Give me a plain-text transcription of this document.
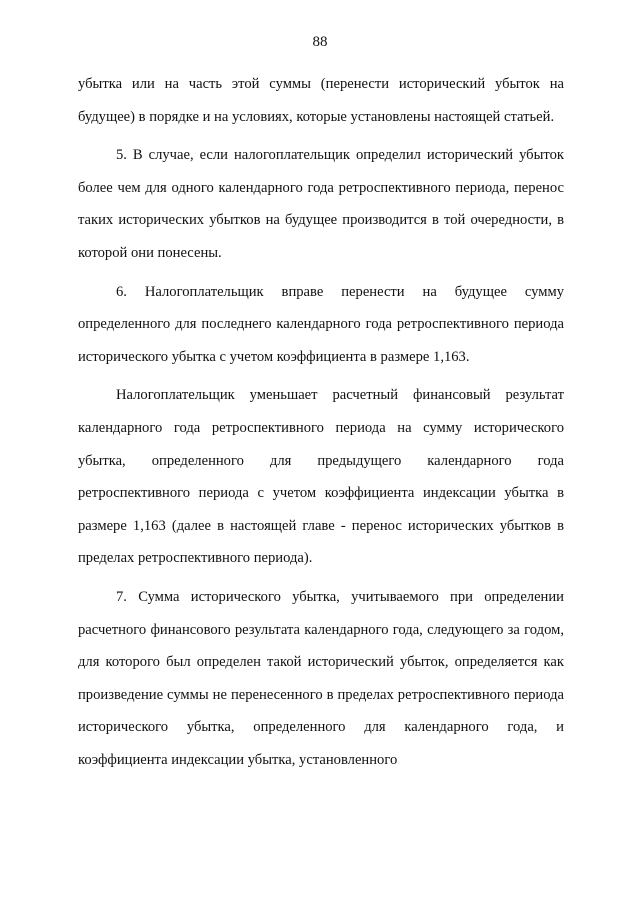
88

убытка или на часть этой суммы (перенести исторический убыток на будущее) в порядке и на условиях, которые установлены настоящей статьей.

5. В случае, если налогоплательщик определил исторический убыток более чем для одного календарного года ретроспективного периода, перенос таких исторических убытков на будущее производится в той очередности, в которой они понесены.

6. Налогоплательщик вправе перенести на будущее сумму определенного для последнего календарного года ретроспективного периода исторического убытка с учетом коэффициента в размере 1,163.

Налогоплательщик уменьшает расчетный финансовый результат календарного года ретроспективного периода на сумму исторического убытка, определенного для предыдущего календарного года ретроспективного периода с учетом коэффициента индексации убытка в размере 1,163 (далее в настоящей главе - перенос исторических убытков в пределах ретроспективного периода).

7. Сумма исторического убытка, учитываемого при определении расчетного финансового результата календарного года, следующего за годом, для которого был определен такой исторический убыток, определяется как произведение суммы не перенесенного в пределах ретроспективного периода исторического убытка, определенного для календарного года, и коэффициента индексации убытка, установленного
